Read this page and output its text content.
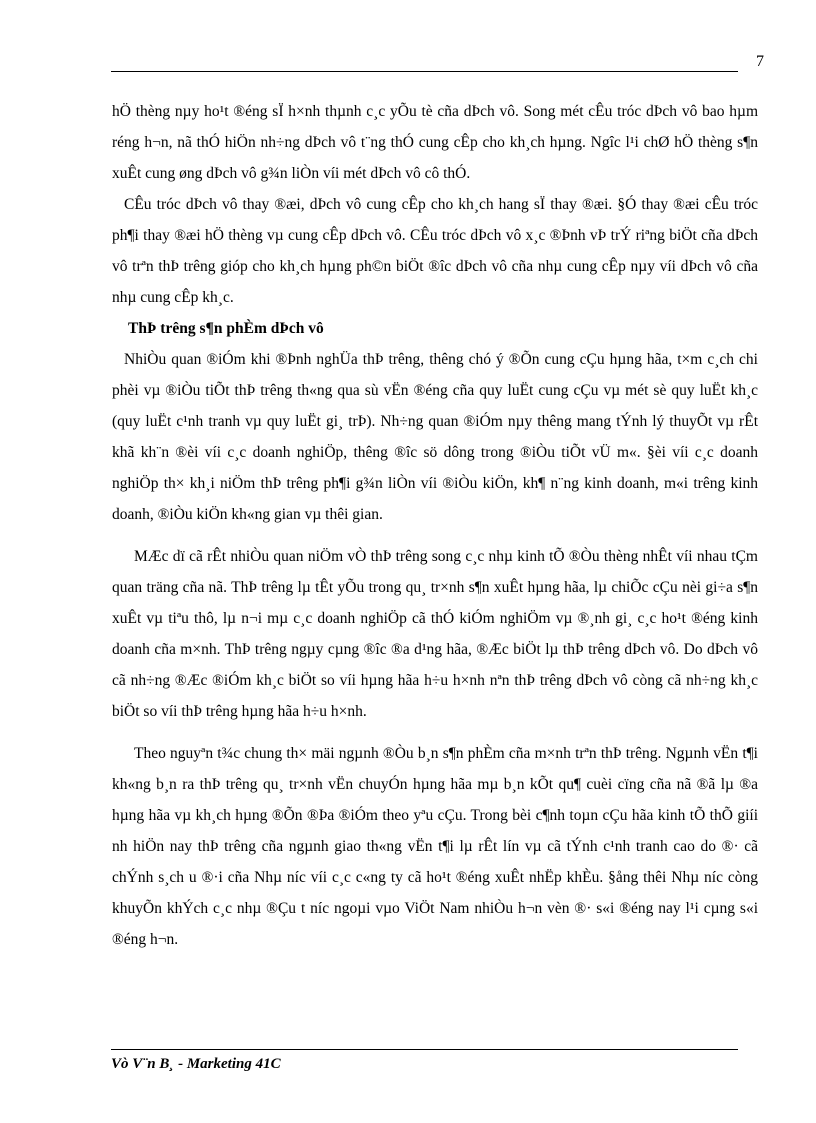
7

hÖ thèng nµy ho¹t ®éng sÏ h×nh thµnh c¸c yÕu tè cña dÞch vô. Song mét cÊu tróc dÞch vô bao hµm réng h¬n, nã thÓ hiÖn nh÷ng dÞch vô t¨ng thÓ cung cÊp cho kh¸ch hµng. Ngîc l¹i chØ hÖ thèng s¶n xuÊt cung øng dÞch vô g¾n liÒn víi mét dÞch vô cô thÓ.

CÊu tróc dÞch vô thay ®æi, dÞch vô cung cÊp cho kh¸ch hang sÏ thay ®æi. §Ó thay ®æi cÊu tróc ph¶i thay ®æi hÖ thèng vµ cung cÊp dÞch vô. CÊu tróc dÞch vô x¸c ®Þnh vÞ trÝ riªng biÖt cña dÞch vô trªn thÞ trêng gióp cho kh¸ch hµng ph©n biÖt ®îc dÞch vô cña nhµ cung cÊp nµy víi dÞch vô cña nhµ cung cÊp kh¸c.

ThÞ trêng s¶n phÈm dÞch vô

NhiÒu quan ®iÓm khi ®Þnh nghÜa thÞ trêng, thêng chó ý ®Õn cung cÇu hµng hãa, t×m c¸ch chi phèi vµ ®iÒu tiÕt thÞ trêng th«ng qua sù vËn ®éng cña quy luËt cung cÇu vµ mét sè quy luËt kh¸c (quy luËt c¹nh tranh vµ quy luËt gi¸ trÞ). Nh÷ng quan ®iÓm nµy thêng mang tÝnh lý thuyÕt vµ rÊt khã kh¨n ®èi víi c¸c doanh nghiÖp, thêng ®îc sö dông trong ®iÒu tiÕt vÜ m«. §èi víi c¸c doanh nghiÖp th× kh¸i niÖm thÞ trêng ph¶i g¾n liÒn víi ®iÒu kiÖn, kh¶ n¨ng kinh doanh, m«i trêng kinh doanh, ®iÒu kiÖn kh«ng gian vµ thêi gian.

MÆc dï cã rÊt nhiÒu quan niÖm vÒ thÞ trêng song c¸c nhµ kinh tÕ ®Òu thèng nhÊt víi nhau tÇm quan träng cña nã. ThÞ trêng lµ tÊt yÕu trong qu¸ tr×nh s¶n xuÊt hµng hãa, lµ chiÕc cÇu nèi gi÷a s¶n xuÊt vµ tiªu thô, lµ n¬i mµ c¸c doanh nghiÖp cã thÓ kiÓm nghiÖm vµ ®¸nh gi¸ c¸c ho¹t ®éng kinh doanh cña m×nh. ThÞ trêng ngµy cµng ®îc ®a d¹ng hãa, ®Æc biÖt lµ thÞ trêng dÞch vô. Do dÞch vô cã nh÷ng ®Æc ®iÓm kh¸c biÖt so víi hµng hãa h÷u h×nh nªn thÞ trêng dÞch vô còng cã nh÷ng kh¸c biÖt so víi thÞ trêng hµng hãa h÷u h×nh.

Theo nguyªn t¾c chung th× mäi ngµnh ®Òu b¸n s¶n phÈm cña m×nh trªn thÞ trêng. Ngµnh vËn t¶i kh«ng b¸n ra thÞ trêng qu¸ tr×nh vËn chuyÓn hµng hãa mµ b¸n kÕt qu¶ cuèi cïng cña nã ®ã lµ ®a hµng hãa vµ kh¸ch hµng ®Õn ®Þa ®iÓm theo yªu cÇu. Trong bèi c¶nh toµn cÇu hãa kinh tÕ thÕ giíi nh hiÖn nay thÞ trêng cña ngµnh giao th«ng vËn t¶i lµ rÊt lín vµ cã tÝnh c¹nh tranh cao do ®· cã chÝnh s¸ch u ®·i cña Nhµ níc víi c¸c c«ng ty cã ho¹t ®éng xuÊt nhËp khÈu. §ång thêi Nhµ níc còng khuyÕn khÝch c¸c nhµ ®Çu t níc ngoµi vµo ViÖt Nam nhiÒu h¬n vèn ®· s«i ®éng nay l¹i cµng s«i ®éng h¬n.

Vò V¨n B¸ - Marketing 41C
